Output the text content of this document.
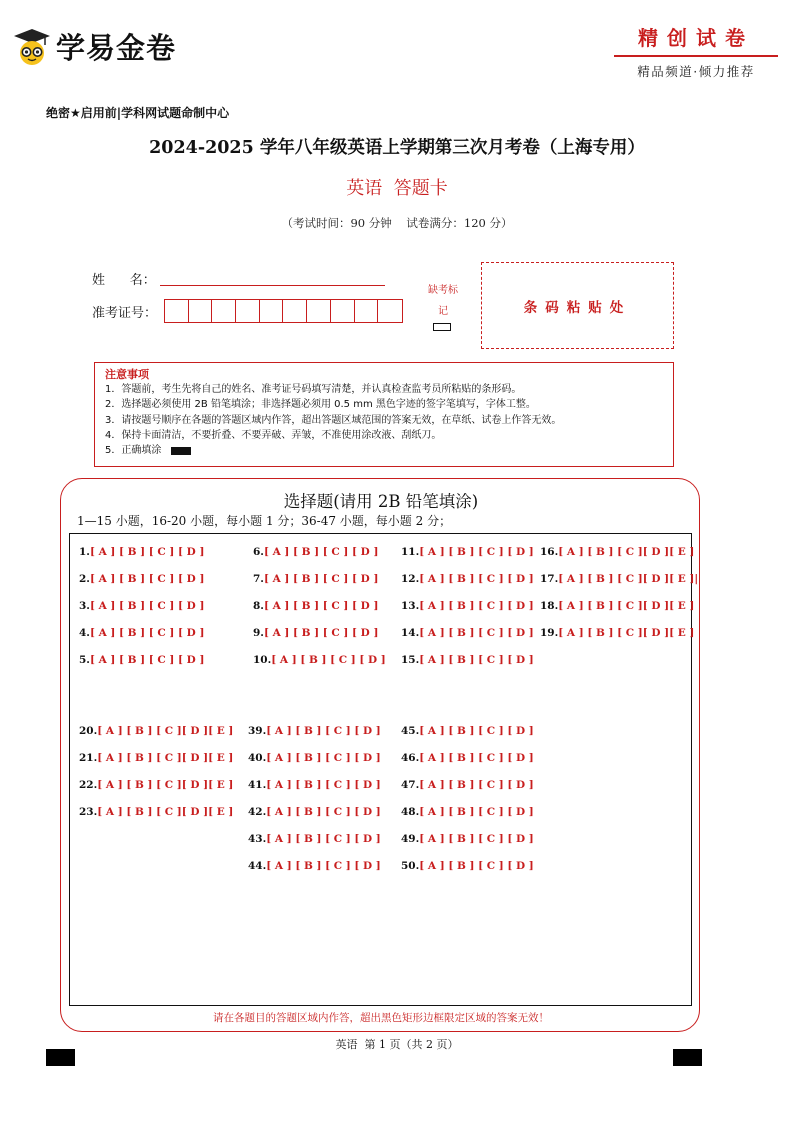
学易金卷	精创试卷
精品频道·倾力推荐
绝密★启用前|学科网试题命制中心
2024-2025 学年八年级英语上学期第三次月考卷（上海专用）
英语  答题卡
（考试时间：90 分钟    试卷满分：120 分）
姓      名：
准考证号：
缺考标记	条码粘贴处
注意事项
1．答题前，考生先将自己的姓名、准考证号码填写清楚，并认真检查监考员所粘贴的条形码。
2．选择题必须使用 2B 铅笔填涂；非选择题必须用 0.5 mm 黑色字迹的签字笔填写，字体工整。
3．请按题号顺序在各题的答题区域内作答，超出答题区域范围的答案无效，在草纸、试卷上作答无效。
4．保持卡面清洁，不要折叠、不要弄破、弄皱，不准使用涂改液、刮纸刀。
5．正确填涂
选择题(请用 2B 铅笔填涂)
1—15 小题，16-20 小题，每小题 1 分；36-47 小题，每小题 2 分；
1.[ A ] [ B ] [ C ] [ D ]
2.[ A ] [ B ] [ C ] [ D ]
3.[ A ] [ B ] [ C ] [ D ]
4.[ A ] [ B ] [ C ] [ D ]
5.[ A ] [ B ] [ C ] [ D ]
6.[ A ] [ B ] [ C ] [ D ]
7.[ A ] [ B ] [ C ] [ D ]
8.[ A ] [ B ] [ C ] [ D ]
9.[ A ] [ B ] [ C ] [ D ]
10.[ A ] [ B ] [ C ] [ D ]
11.[ A ] [ B ] [ C ] [ D ]
12.[ A ] [ B ] [ C ] [ D ]
13.[ A ] [ B ] [ C ] [ D ]
14.[ A ] [ B ] [ C ] [ D ]
15.[ A ] [ B ] [ C ] [ D ]
16.[ A ] [ B ] [ C ][ D ][ E ]
17.[ A ] [ B ] [ C ][ D ][ E ]|
18.[ A ] [ B ] [ C ][ D ][ E ]
19.[ A ] [ B ] [ C ][ D ][ E ]
20.[ A ] [ B ] [ C ][ D ][ E ]
21.[ A ] [ B ] [ C ][ D ][ E ]
22.[ A ] [ B ] [ C ][ D ][ E ]
23.[ A ] [ B ] [ C ][ D ][ E ]
39.[ A ] [ B ] [ C ] [ D ]
40.[ A ] [ B ] [ C ] [ D ]
41.[ A ] [ B ] [ C ] [ D ]
42.[ A ] [ B ] [ C ] [ D ]
43.[ A ] [ B ] [ C ] [ D ]
44.[ A ] [ B ] [ C ] [ D ]
45.[ A ] [ B ] [ C ] [ D ]
46.[ A ] [ B ] [ C ] [ D ]
47.[ A ] [ B ] [ C ] [ D ]
48.[ A ] [ B ] [ C ] [ D ]
49.[ A ] [ B ] [ C ] [ D ]
50.[ A ] [ B ] [ C ] [ D ]
请在各题目的答题区域内作答，超出黑色矩形边框限定区域的答案无效！
英语  第 1 页（共 2 页）
